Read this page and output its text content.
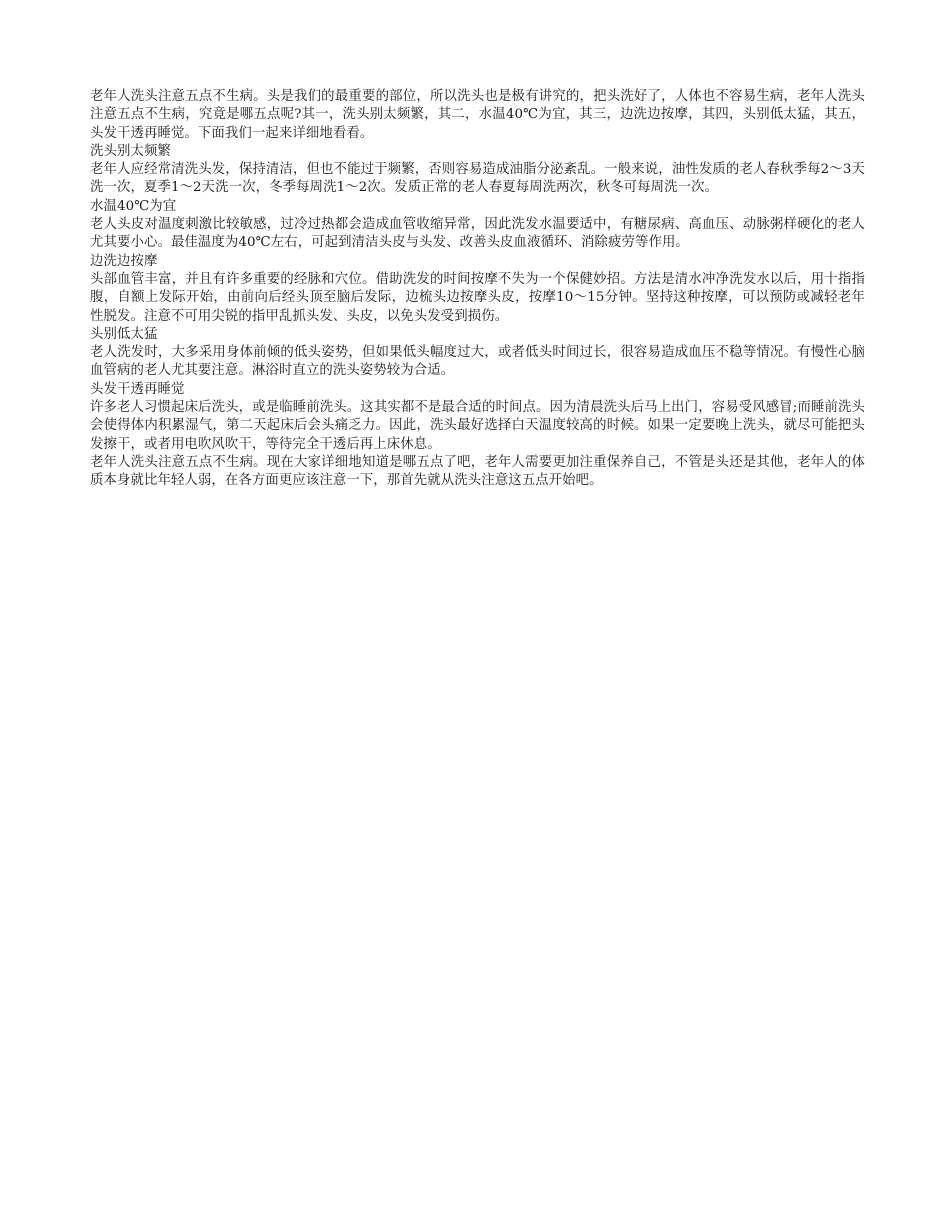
老年人洗头注意五点不生病。头是我们的最重要的部位，所以洗头也是极有讲究的，把头洗好了，人体也不容易生病，老年人洗头注意五点不生病，究竟是哪五点呢?其一，洗头别太频繁，其二，水温40℃为宜，其三，边洗边按摩，其四，头别低太猛，其五，头发干透再睡觉。下面我们一起来详细地看看。

洗头别太频繁

老年人应经常清洗头发，保持清洁，但也不能过于频繁，否则容易造成油脂分泌紊乱。一般来说，油性发质的老人春秋季每2～3天洗一次，夏季1～2天洗一次，冬季每周洗1～2次。发质正常的老人春夏每周洗两次，秋冬可每周洗一次。

水温40℃为宜

老人头皮对温度刺激比较敏感，过冷过热都会造成血管收缩异常，因此洗发水温要适中，有糖尿病、高血压、动脉粥样硬化的老人尤其要小心。最佳温度为40℃左右，可起到清洁头皮与头发、改善头皮血液循环、消除疲劳等作用。

边洗边按摩

头部血管丰富，并且有许多重要的经脉和穴位。借助洗发的时间按摩不失为一个保健妙招。方法是清水冲净洗发水以后，用十指指腹，自额上发际开始，由前向后经头顶至脑后发际，边梳头边按摩头皮，按摩10～15分钟。坚持这种按摩，可以预防或减轻老年性脱发。注意不可用尖锐的指甲乱抓头发、头皮，以免头发受到损伤。

头别低太猛

老人洗发时，大多采用身体前倾的低头姿势，但如果低头幅度过大，或者低头时间过长，很容易造成血压不稳等情况。有慢性心脑血管病的老人尤其要注意。淋浴时直立的洗头姿势较为合适。

头发干透再睡觉

许多老人习惯起床后洗头，或是临睡前洗头。这其实都不是最合适的时间点。因为清晨洗头后马上出门，容易受风感冒;而睡前洗头会使得体内积累湿气，第二天起床后会头痛乏力。因此，洗头最好选择白天温度较高的时候。如果一定要晚上洗头，就尽可能把头发擦干，或者用电吹风吹干，等待完全干透后再上床休息。

老年人洗头注意五点不生病。现在大家详细地知道是哪五点了吧，老年人需要更加注重保养自己，不管是头还是其他，老年人的体质本身就比年轻人弱，在各方面更应该注意一下，那首先就从洗头注意这五点开始吧。
